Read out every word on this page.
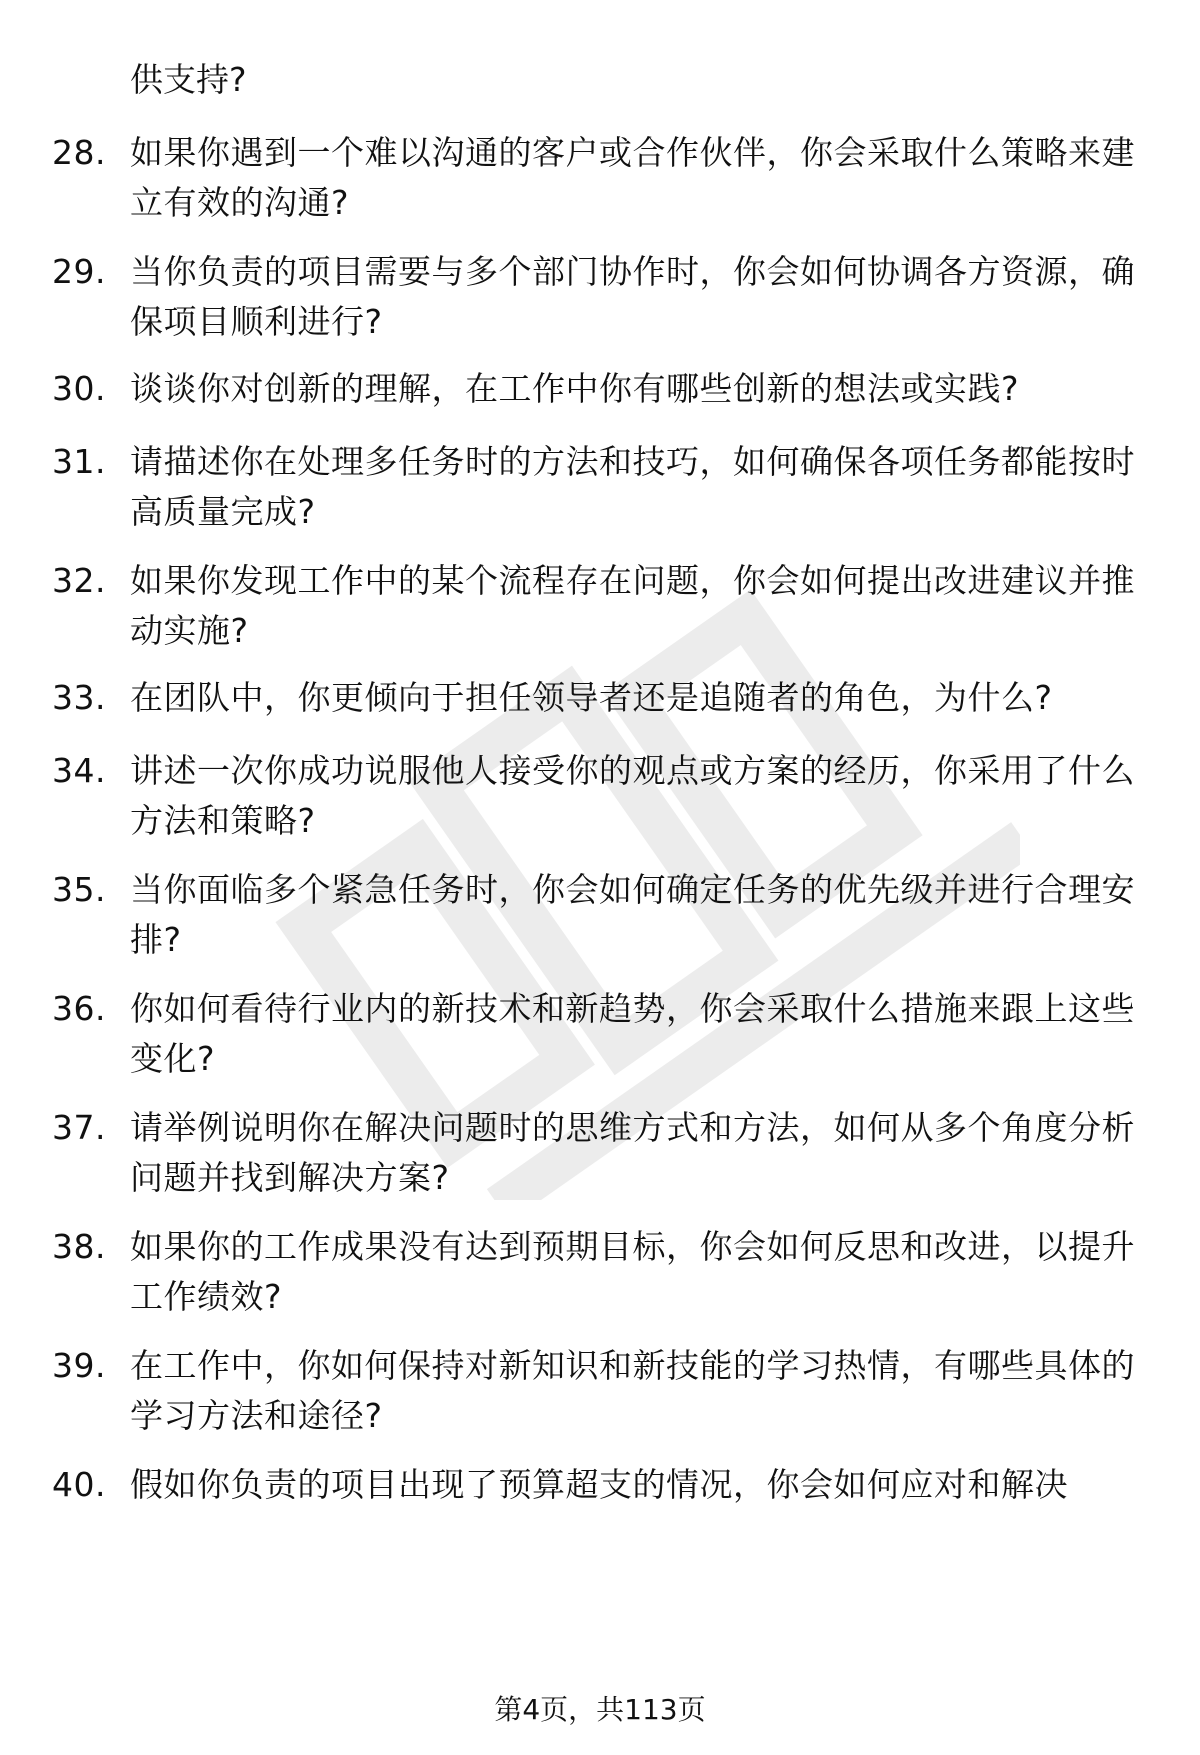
供支持?
28. 如果你遇到一个难以沟通的客户或合作伙伴，你会采取什么策略来建立有效的沟通?
29. 当你负责的项目需要与多个部门协作时，你会如何协调各方资源，确保项目顺利进行?
30. 谈谈你对创新的理解，在工作中你有哪些创新的想法或实践?
31. 请描述你在处理多任务时的方法和技巧，如何确保各项任务都能按时高质量完成?
32. 如果你发现工作中的某个流程存在问题，你会如何提出改进建议并推动实施?
33. 在团队中，你更倾向于担任领导者还是追随者的角色，为什么?
34. 讲述一次你成功说服他人接受你的观点或方案的经历，你采用了什么方法和策略?
35. 当你面临多个紧急任务时，你会如何确定任务的优先级并进行合理安排?
36. 你如何看待行业内的新技术和新趋势，你会采取什么措施来跟上这些变化?
37. 请举例说明你在解决问题时的思维方式和方法，如何从多个角度分析问题并找到解决方案?
38. 如果你的工作成果没有达到预期目标，你会如何反思和改进，以提升工作绩效?
39. 在工作中，你如何保持对新知识和新技能的学习热情，有哪些具体的学习方法和途径?
40. 假如你负责的项目出现了预算超支的情况，你会如何应对和解决
第4页，共113页
